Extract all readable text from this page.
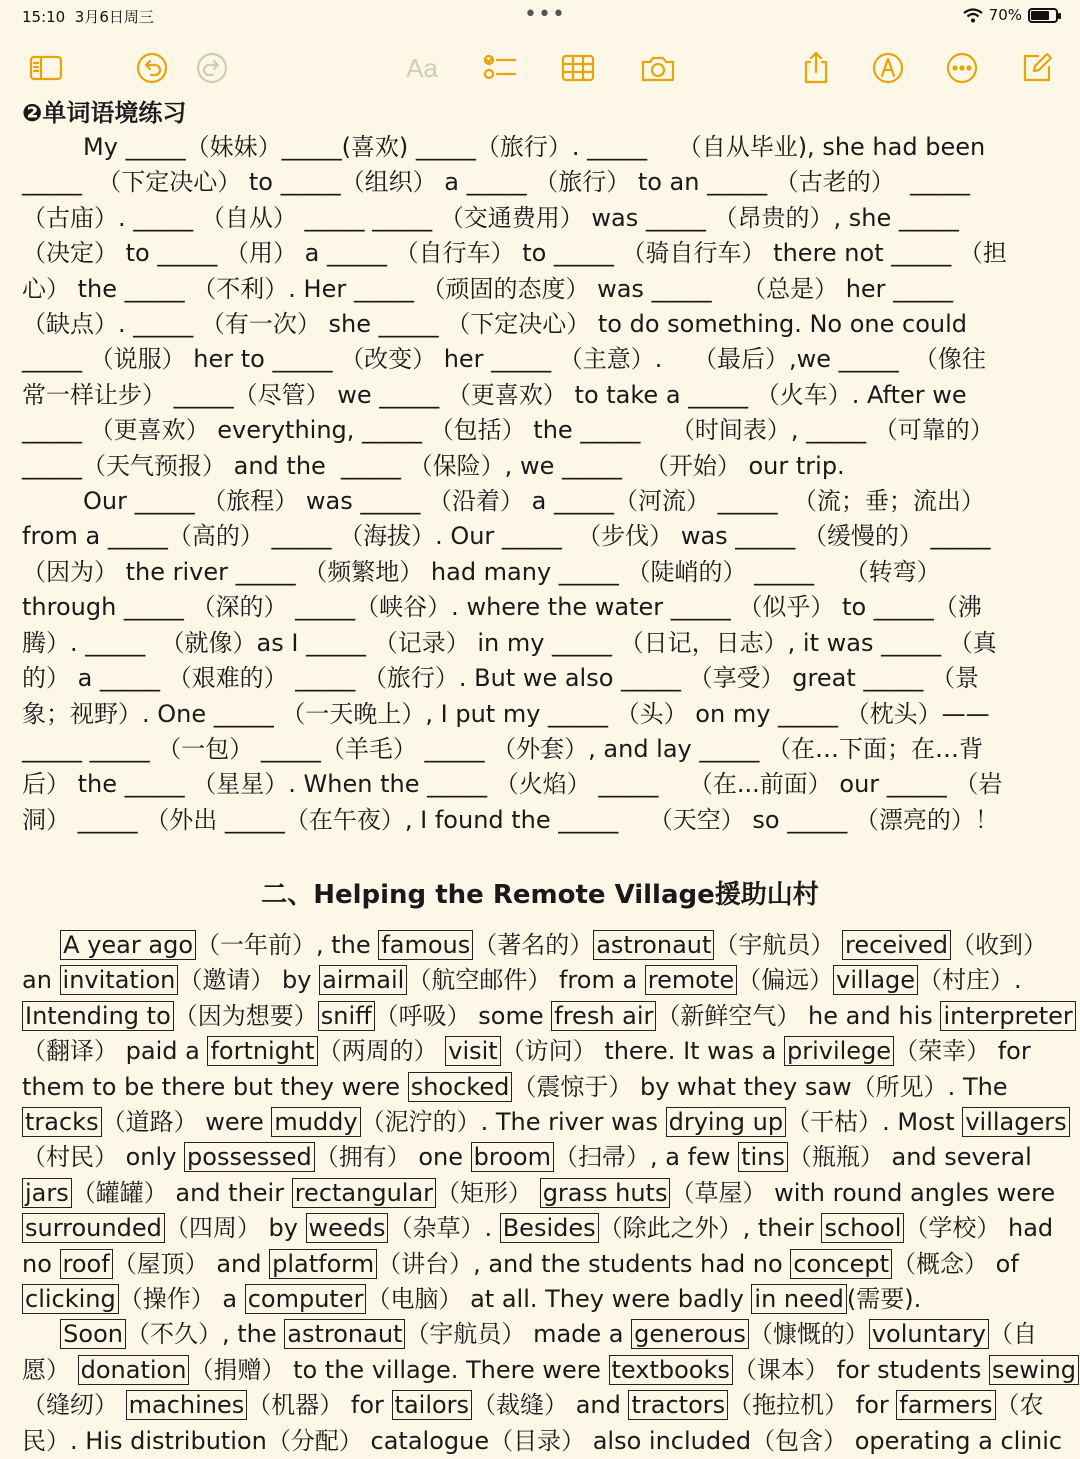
15:10 3月6日周三	•••	70%
Aa
❷单词语境练习
My _____（妹妹）_____(喜欢) _____（旅行）. _____    （自从毕业), she had been
_____  （下定决心） to _____（组织） a _____ （旅行） to an _____ （古老的）  _____
（古庙）. _____ （自从） _____ _____ （交通费用） was _____ （昂贵的）, she _____
（决定） to _____ （用） a _____ （自行车） to _____ （骑自行车） there not _____ （担
心） the _____ （不利）. Her _____ （顽固的态度） was _____    （总是） her _____
（缺点）. _____ （有一次） she _____ （下定决心） to do something. No one could
_____ （说服） her to _____ （改变） her _____ （主意）.    （最后）,we _____  （像往
常一样让步） _____（尽管） we _____ （更喜欢） to take a _____ （火车）. After we
_____ （更喜欢） everything, _____ （包括） the _____    （时间表）, _____ （可靠的）
_____（天气预报） and the  _____ （保险）, we _____   （开始） our trip.
Our _____ （旅程） was _____ （沿着） a _____（河流） _____  （流；垂；流出）
from a _____（高的） _____ （海拔）. Our _____  （步伐） was _____ （缓慢的） _____
（因为） the river _____ （频繁地） had many _____ （陡峭的） _____    （转弯）
through _____ （深的） _____（峡谷）. where the water _____ （似乎） to _____（沸
腾）. _____  （就像）as I _____ （记录） in my _____ （日记，日志）, it was _____ （真
的） a _____ （艰难的） _____ （旅行）. But we also _____ （享受） great _____ （景
象；视野）. One _____ （一天晚上）, I put my _____ （头） on my _____ （枕头）——
_____ _____ （一包） _____（羊毛） _____ （外套）, and lay _____ （在…下面；在…背
后） the _____ （星星）. When the _____ （火焰） _____    （在...前面） our _____ （岩
洞） _____ （外出 _____（在午夜）, I found the _____    （天空） so _____ （漂亮的）！
二、Helping the Remote Village援助山村
A year ago （一年前）, the famous （著名的） astronaut （宇航员） received （收到）
an invitation （邀请） by airmail （航空邮件） from a remote （偏远） village （村庄）.
Intending to （因为想要） sniff （呼吸） some fresh air （新鲜空气） he and his interpreter
（翻译） paid a fortnight （两周的） visit （访问） there. It was a privilege （荣幸） for
them to be there but they were shocked （震惊于） by what they saw（所见）. The
tracks （道路） were muddy （泥泞的）. The river was drying up （干枯）. Most villagers
（村民） only possessed （拥有） one broom （扫帚）, a few tins （瓶瓶） and several
jars （罐罐） and their rectangular （矩形） grass huts （草屋） with round angles were
surrounded （四周） by weeds （杂草）. Besides （除此之外）, their school （学校） had
no roof （屋顶） and platform （讲台）, and the students had no concept （概念） of
clicking （操作） a computer （电脑） at all. They were badly in need (需要).
Soon （不久）, the astronaut （宇航员） made a generous （慷慨的） voluntary （自
愿） donation （捐赠） to the village. There were textbooks （课本） for students sewing
（缝纫） machines （机器） for tailors （裁缝） and tractors （拖拉机） for farmers （农
民）. His distribution（分配） catalogue（目录） also included（包含） operating a clinic
